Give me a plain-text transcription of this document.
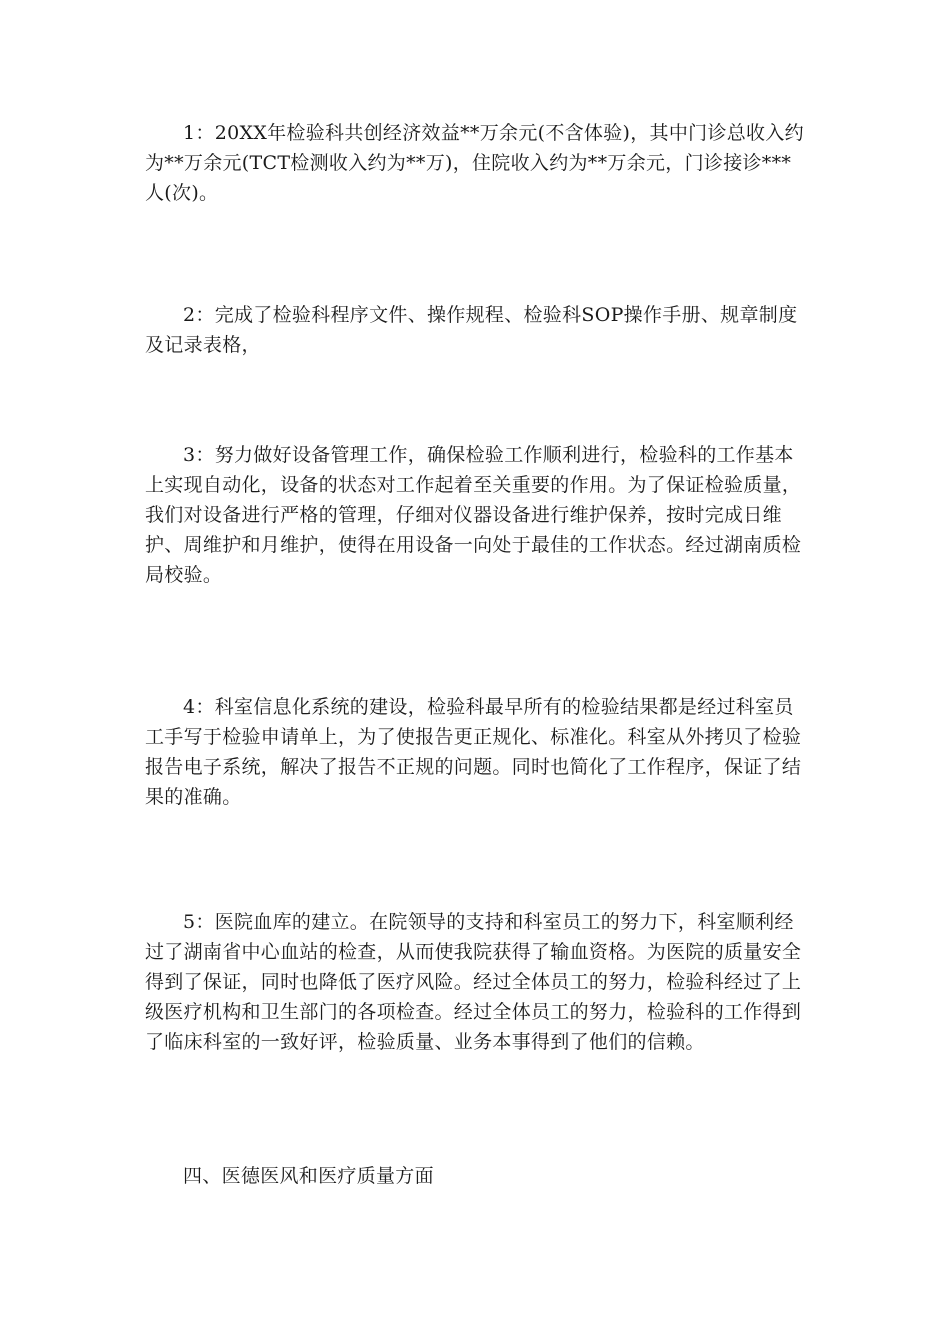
1：20XX年检验科共创经济效益**万余元(不含体验)，其中门诊总收入约为**万余元(TCT检测收入约为**万)，住院收入约为**万余元，门诊接诊***人(次)。

2：完成了检验科程序文件、操作规程、检验科SOP操作手册、规章制度及记录表格，

3：努力做好设备管理工作，确保检验工作顺利进行，检验科的工作基本上实现自动化，设备的状态对工作起着至关重要的作用。为了保证检验质量，我们对设备进行严格的管理，仔细对仪器设备进行维护保养，按时完成日维护、周维护和月维护，使得在用设备一向处于最佳的工作状态。经过湖南质检局校验。

4：科室信息化系统的建设，检验科最早所有的检验结果都是经过科室员工手写于检验申请单上，为了使报告更正规化、标准化。科室从外拷贝了检验报告电子系统，解决了报告不正规的问题。同时也简化了工作程序，保证了结果的准确。

5：医院血库的建立。在院领导的支持和科室员工的努力下，科室顺利经过了湖南省中心血站的检查，从而使我院获得了输血资格。为医院的质量安全得到了保证，同时也降低了医疗风险。经过全体员工的努力，检验科经过了上级医疗机构和卫生部门的各项检查。经过全体员工的努力，检验科的工作得到了临床科室的一致好评，检验质量、业务本事得到了他们的信赖。

四、医德医风和医疗质量方面
